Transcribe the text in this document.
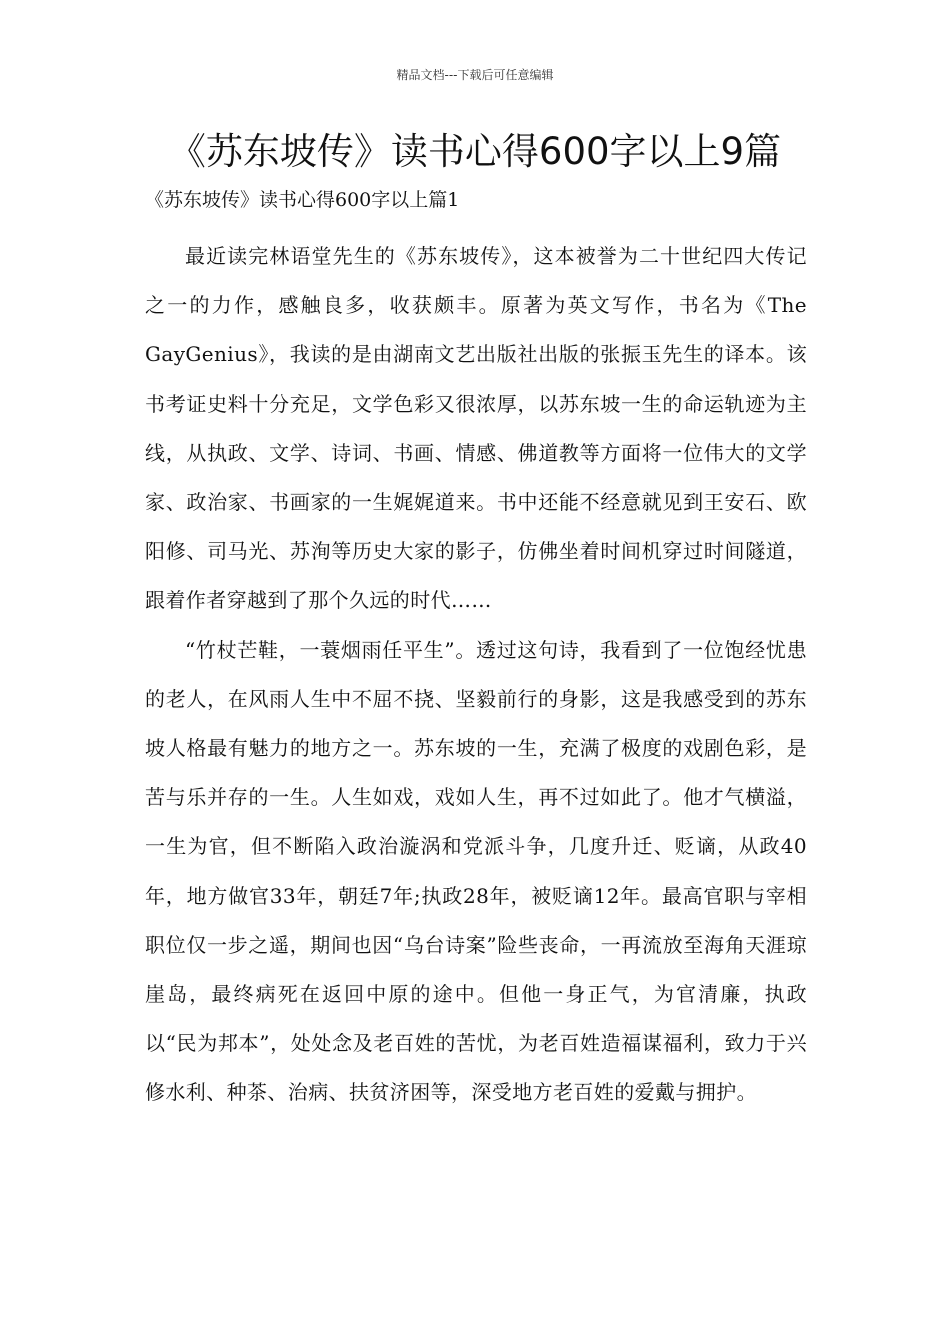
精品文档---下载后可任意编辑
《苏东坡传》读书心得600字以上9篇
《苏东坡传》读书心得600字以上篇1

最近读完林语堂先生的《苏东坡传》，这本被誉为二十世纪四大传记之一的力作，感触良多，收获颇丰。原著为英文写作，书名为《The GayGenius》，我读的是由湖南文艺出版社出版的张振玉先生的译本。该书考证史料十分充足，文学色彩又很浓厚，以苏东坡一生的命运轨迹为主线，从执政、文学、诗词、书画、情感、佛道教等方面将一位伟大的文学家、政治家、书画家的一生娓娓道来。书中还能不经意就见到王安石、欧阳修、司马光、苏洵等历史大家的影子，仿佛坐着时间机穿过时间隧道，跟着作者穿越到了那个久远的时代……

“竹杖芒鞋，一蓑烟雨任平生”。透过这句诗，我看到了一位饱经忧患的老人，在风雨人生中不屈不挠、坚毅前行的身影，这是我感受到的苏东坡人格最有魅力的地方之一。苏东坡的一生，充满了极度的戏剧色彩，是苦与乐并存的一生。人生如戏，戏如人生，再不过如此了。他才气横溢，一生为官，但不断陷入政治漩涡和党派斗争，几度升迁、贬谪，从政40年，地方做官33年，朝廷7年;执政28年，被贬谪12年。最高官职与宰相职位仅一步之遥，期间也因“乌台诗案”险些丧命，一再流放至海角天涯琼崖岛，最终病死在返回中原的途中。但他一身正气，为官清廉，执政以“民为邦本”，处处念及老百姓的苦忧，为老百姓造福谋福利，致力于兴修水利、种茶、治病、扶贫济困等，深受地方老百姓的爱戴与拥护。
